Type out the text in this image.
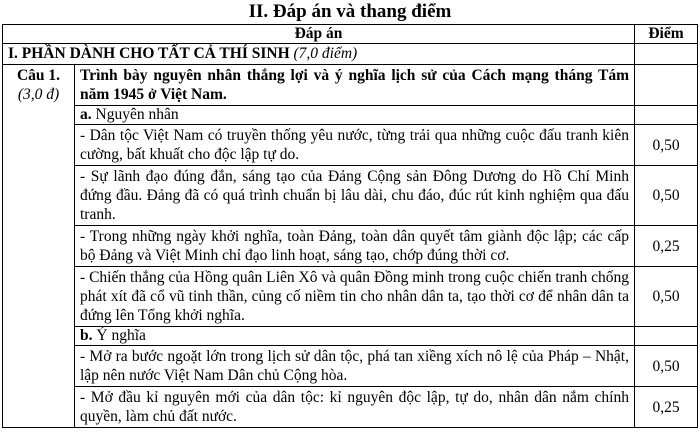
II. Đáp án và thang điểm
Đáp án		Điểm
I. PHẦN DÀNH CHO TẤT CẢ THÍ SINH (7,0 điểm)		
Câu 1.
(3,0 đ)	Trình bày nguyên nhân thắng lợi và ý nghĩa lịch sử của Cách mạng tháng Tám năm 1945 ở Việt Nam.	
	a. Nguyên nhân	
	- Dân tộc Việt Nam có truyền thống yêu nước, từng trải qua những cuộc đấu tranh kiên cường, bất khuất cho độc lập tự do.	0,50
	- Sự lãnh đạo đúng đắn, sáng tạo của Đảng Cộng sản Đông Dương do Hồ Chí Minh đứng đầu. Đảng đã có quá trình chuẩn bị lâu dài, chu đáo, đúc rút kinh nghiệm qua đấu tranh.	0,50
	- Trong những ngày khởi nghĩa, toàn Đảng, toàn dân quyết tâm giành độc lập; các cấp bộ Đảng và Việt Minh chỉ đạo linh hoạt, sáng tạo, chớp đúng thời cơ.	0,25
	- Chiến thắng của Hồng quân Liên Xô và quân Đồng minh trong cuộc chiến tranh chống phát xít đã cổ vũ tinh thần, củng cố niềm tin cho nhân dân ta, tạo thời cơ để nhân dân ta đứng lên Tổng khởi nghĩa.	0,50
	b. Ý nghĩa	
	- Mở ra bước ngoặt lớn trong lịch sử dân tộc, phá tan xiềng xích nô lệ của Pháp – Nhật, lập nên nước Việt Nam Dân chủ Cộng hòa.	0,50
	- Mở đầu kỉ nguyên mới của dân tộc: kỉ nguyên độc lập, tự do, nhân dân nắm chính quyền, làm chủ đất nước.	0,25
